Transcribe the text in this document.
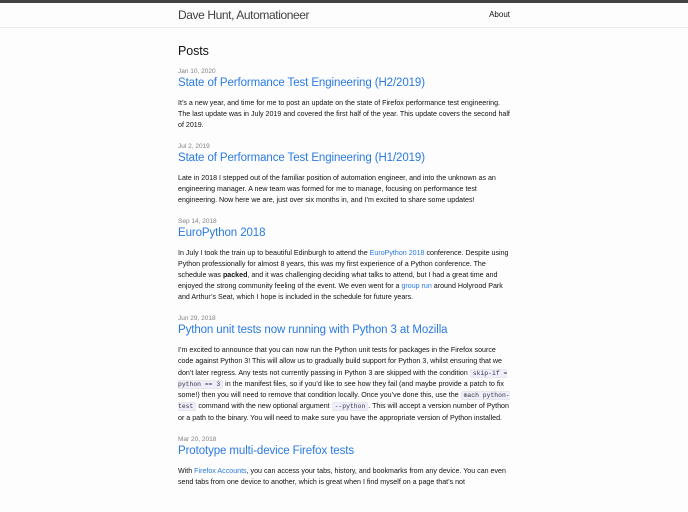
Dave Hunt, Automationeer	About
Posts
Jan 10, 2020
State of Performance Test Engineering (H2/2019)

It’s a new year, and time for me to post an update on the state of Firefox performance test engineering. The last update was in July 2019 and covered the first half of the year. This update covers the second half of 2019.

Jul 2, 2019
State of Performance Test Engineering (H1/2019)

Late in 2018 I stepped out of the familiar position of automation engineer, and into the unknown as an engineering manager. A new team was formed for me to manage, focusing on performance test engineering. Now here we are, just over six months in, and I’m excited to share some updates!

Sep 14, 2018
EuroPython 2018

In July I took the train up to beautiful Edinburgh to attend the EuroPython 2018 conference. Despite using Python professionally for almost 8 years, this was my first experience of a Python conference. The schedule was packed, and it was challenging deciding what talks to attend, but I had a great time and enjoyed the strong community feeling of the event. We even went for a group run around Holyrood Park and Arthur’s Seat, which I hope is included in the schedule for future years.

Jun 29, 2018
Python unit tests now running with Python 3 at Mozilla

I’m excited to announce that you can now run the Python unit tests for packages in the Firefox source code against Python 3! This will allow us to gradually build support for Python 3, whilst ensuring that we don’t later regress. Any tests not currently passing in Python 3 are skipped with the condition skip-if = python == 3 in the manifest files, so if you’d like to see how they fail (and maybe provide a patch to fix some!) then you will need to remove that condition locally. Once you’ve done this, use the mach python-test command with the new optional argument --python . This will accept a version number of Python or a path to the binary. You will need to make sure you have the appropriate version of Python installed.

Mar 20, 2018
Prototype multi-device Firefox tests

With Firefox Accounts, you can access your tabs, history, and bookmarks from any device. You can even send tabs from one device to another, which is great when I find myself on a page that’s not
